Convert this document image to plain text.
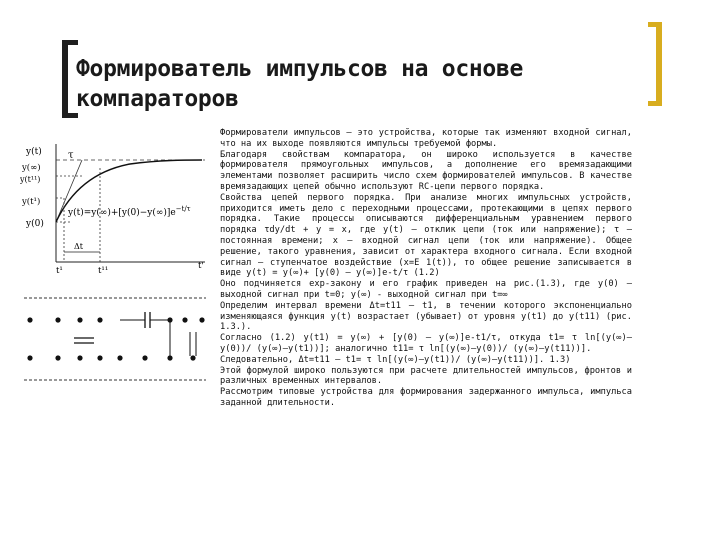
Формирователь импульсов на основе компараторов
y(t)	τ
y(∞)
y(t¹¹)
y(t¹)
y(0)
$y(t)=y(\infty)+[y(0)-y(\infty)]e^{-t/\tau}$
Δt
t¹	t¹¹	t'

Формирователи импульсов – это устройства, которые так изменяют входной сигнал, что на их выходе появляются импульсы требуемой формы.

Благодаря свойствам компаратора, он широко используется в качестве формирователя прямоугольных импульсов, а дополнение его времязадающими элементами позволяет расширить число схем формирователей импульсов. В качестве времязадающих цепей обычно используют RC-цепи первого порядка.

Свойства цепей первого порядка. При анализе многих импульсных устройств, приходится иметь дело с переходными процессами, протекающими в цепях первого порядка. Такие процессы описываются дифференциальным уравнением первого порядка τdy/dt + y = x, где y(t) – отклик цепи (ток или напряжение); τ – постоянная времени; x – входной сигнал цепи (ток или напряжение). Общее решение, такого уравнения, зависит от характера входного сигнала. Если входной сигнал – ступенчатое воздействие (x=E 1(t)), то общее решение записывается в виде y(t) = y(∞)+ [y(0) – y(∞)]e-t/τ (1.2)

Оно подчиняется exp-закону и его график приведен на рис.(1.3), где y(0) – выходной сигнал при t=0; y(∞) - выходной сигнал при t=∞

Определим интервал времени Δt=t11 – t1, в течении которого экспоненциально изменяющаяся функция y(t) возрастает (убывает) от уровня y(t1) до y(t11) (рис. 1.3.).

Согласно (1.2) y(t1) = y(∞) + [y(0) – y(∞)]e-t1/τ, откуда t1= τ ln[(y(∞)–y(0))/ (y(∞)–y(t1))]; аналогично t11= τ ln[(y(∞)–y(0))/ (y(∞)–y(t11))].

Следовательно, Δt=t11 – t1= τ ln[(y(∞)–y(t1))/ (y(∞)–y(t11))]. 1.3)

Этой формулой широко пользуются при расчете длительностей импульсов, фронтов и различных временных интервалов.

Рассмотрим типовые устройства для формирования задержанного импульса, импульса заданной длительности.
